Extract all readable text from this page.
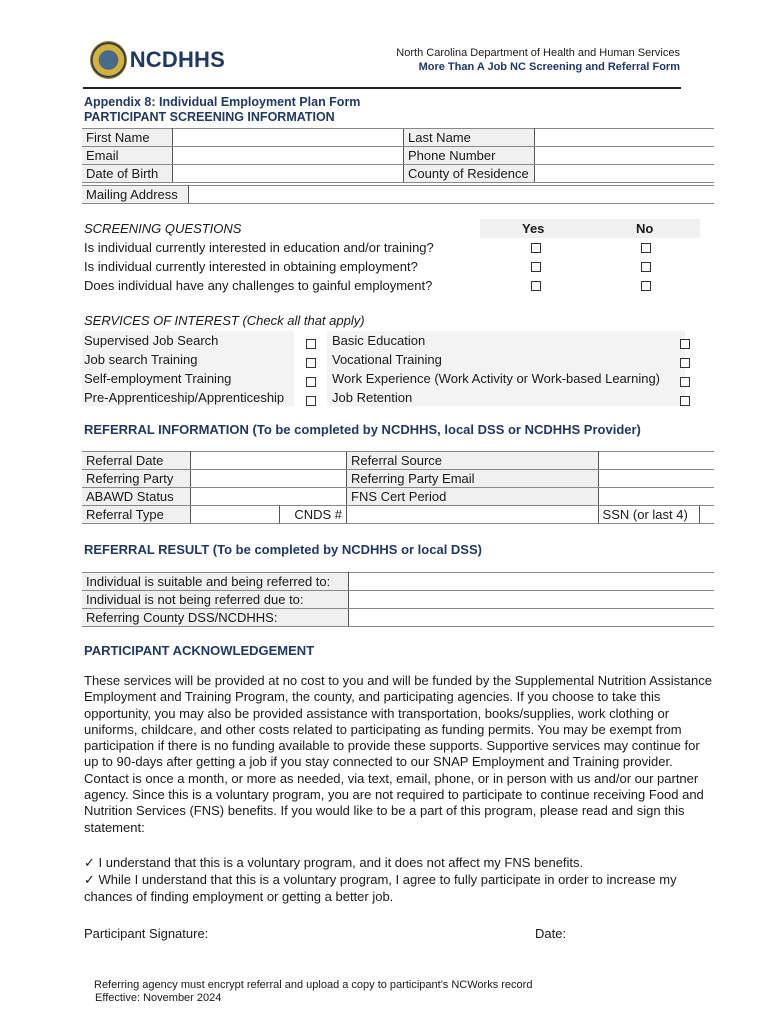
NCDHHS	North Carolina Department of Health and Human Services
More Than A Job NC Screening and Referral Form
Appendix 8: Individual Employment Plan Form
PARTICIPANT SCREENING INFORMATION
First Name		Last Name	
Email		Phone Number	
Date of Birth		County of Residence	
Mailing Address	
SCREENING QUESTIONS	Yes	No
Is individual currently interested in education and/or training?
Is individual currently interested in obtaining employment?
Does individual have any challenges to gainful employment?
SERVICES OF INTEREST (Check all that apply)
Supervised Job Search
Job search Training
Self-employment Training
Pre-Apprenticeship/Apprenticeship
Basic Education
Vocational Training
Work Experience (Work Activity or Work-based Learning)
Job Retention
REFERRAL INFORMATION (To be completed by NCDHHS, local DSS or NCDHHS Provider)
Referral Date			Referral Source		
Referring Party			Referring Party Email		
ABAWD Status			FNS Cert Period		
Referral Type		CNDS #		SSN (or last 4)	
REFERRAL RESULT (To be completed by NCDHHS or local DSS)
Individual is suitable and being referred to:	
Individual is not being referred due to:	
Referring County DSS/NCDHHS:	
PARTICIPANT ACKNOWLEDGEMENT
These services will be provided at no cost to you and will be funded by the Supplemental Nutrition Assistance Employment and Training Program, the county, and participating agencies. If you choose to take this opportunity, you may also be provided assistance with transportation, books/supplies, work clothing or uniforms, childcare, and other costs related to participating as funding permits. You may be exempt from participation if there is no funding available to provide these supports. Supportive services may continue for up to 90-days after getting a job if you stay connected to our SNAP Employment and Training provider. Contact is once a month, or more as needed, via text, email, phone, or in person with us and/or our partner agency. Since this is a voluntary program, you are not required to participate to continue receiving Food and Nutrition Services (FNS) benefits. If you would like to be a part of this program, please read and sign this statement:
✓ I understand that this is a voluntary program, and it does not affect my FNS benefits.
✓ While I understand that this is a voluntary program, I agree to fully participate in order to increase my chances of finding employment or getting a better job.
Participant Signature:	Date:
Referring agency must encrypt referral and upload a copy to participant's NCWorks record
Effective: November 2024
